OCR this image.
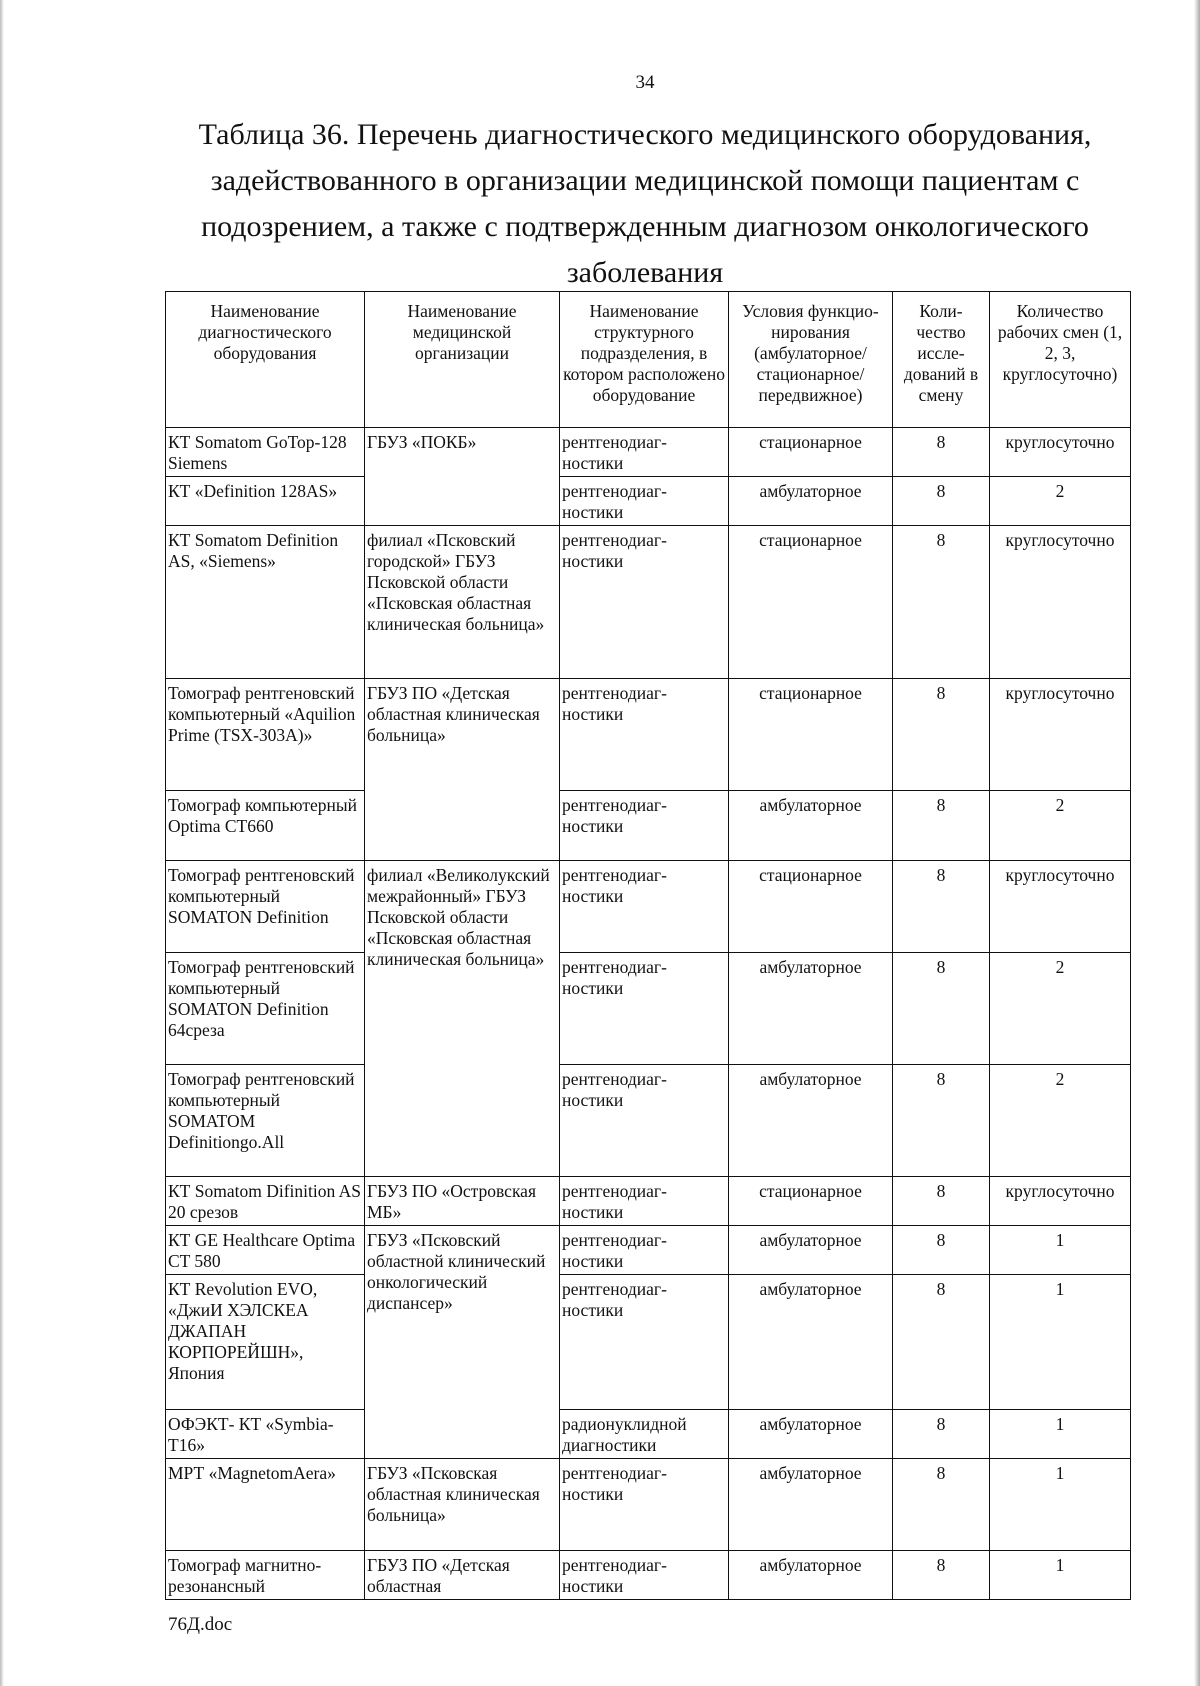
34
Таблица 36. Перечень диагностического медицинского оборудования, задействованного в организации медицинской помощи пациентам с подозрением, а также с подтвержденным диагнозом онкологического заболевания
Наименование диагностического оборудования	Наименование медицинской организации	Наименование структурного подразделения, в котором расположено оборудование	Условия функцио-нирования (амбулаторное/ стационарное/ передвижное)	Коли-чество иссле-дований в смену	Количество рабочих смен (1, 2, 3, круглосуточно)
КТ Somatom GoTop-128 Siemens	ГБУЗ «ПОКБ»	рентгенодиаг-ностики	стационарное	8	круглосуточно
КТ «Definition 128AS»		рентгенодиаг-ностики	амбулаторное	8	2
КТ Somatom Definition AS, «Siemens»	филиал «Псковский городской» ГБУЗ Псковской области «Псковская областная клиническая больница»	рентгенодиаг-ностики	стационарное	8	круглосуточно
Томограф рентгеновский компьютерный «Aquilion Prime (TSX-303A)»	ГБУЗ ПО «Детская областная клиническая больница»	рентгенодиаг-ностики	стационарное	8	круглосуточно
Томограф компьютерный Optima CT660		рентгенодиаг-ностики	амбулаторное	8	2
Томограф рентгеновский компьютерный SOMATON Definition	филиал «Великолукский межрайонный» ГБУЗ Псковской области «Псковская областная клиническая больница»	рентгенодиаг-ностики	стационарное	8	круглосуточно
Томограф рентгеновский компьютерный SOMATON Definition 64среза		рентгенодиаг-ностики	амбулаторное	8	2
Томограф рентгеновский компьютерный SOMATOM Definitiongo.All		рентгенодиаг-ностики	амбулаторное	8	2
КТ Somatom Difinition AS 20 срезов	ГБУЗ ПО «Островская МБ»	рентгенодиаг-ностики	стационарное	8	круглосуточно
КТ GE Healthcare Optima CT 580	ГБУЗ «Псковский областной клинический онкологический диспансер»	рентгенодиаг-ностики	амбулаторное	8	1
КТ Revolution EVO, «ДжиИ ХЭЛСКЕА ДЖАПАН КОРПОРЕЙШН», Япония		рентгенодиаг-ностики	амбулаторное	8	1
ОФЭКТ- КТ «Symbia-T16»		радионуклидной диагностики	амбулаторное	8	1
МРТ «MagnetomAera»	ГБУЗ «Псковская областная клиническая больница»	рентгенодиаг-ностики	амбулаторное	8	1
Томограф магнитно-резонансный	ГБУЗ ПО «Детская областная	рентгенодиаг-ностики	амбулаторное	8	1
76Д.doc
